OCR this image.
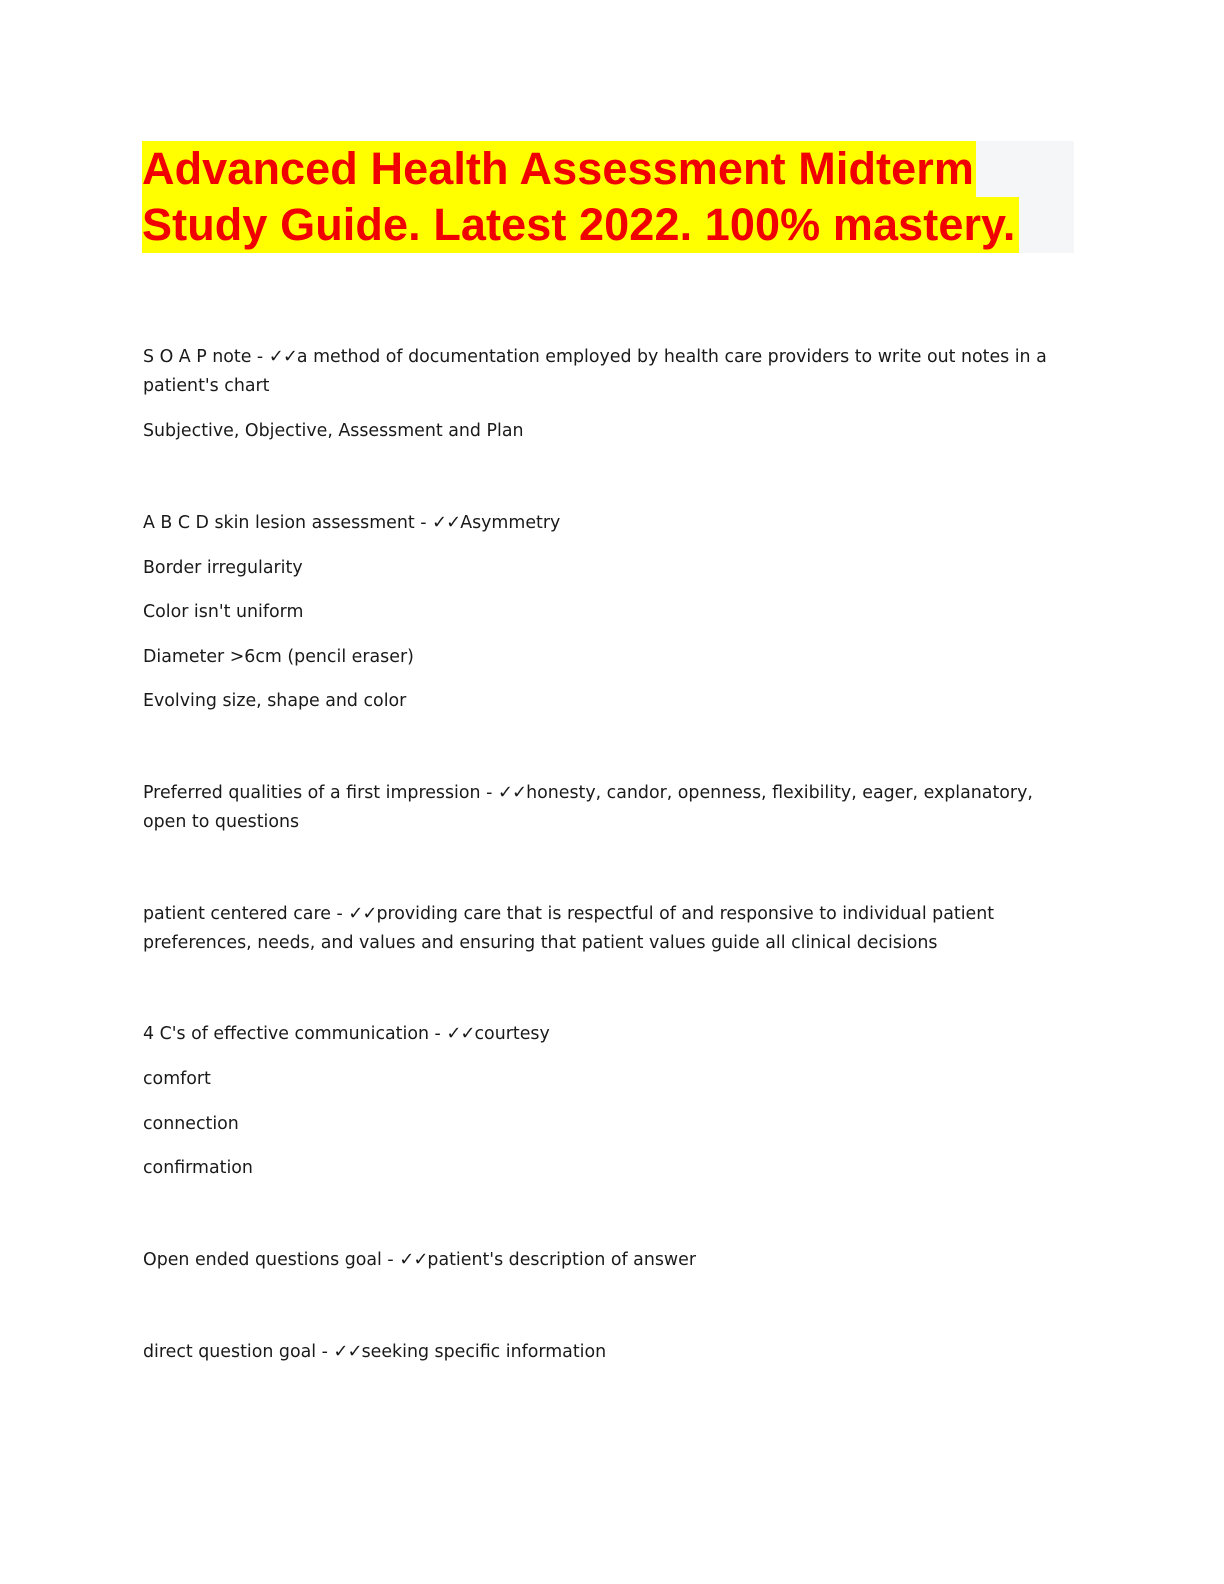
Advanced Health Assessment Midterm
Study Guide. Latest 2022. 100% mastery.
S O A P note - ✓✓a method of documentation employed by health care providers to write out notes in a
patient's chart
Subjective, Objective, Assessment and Plan
A B C D skin lesion assessment - ✓✓Asymmetry
Border irregularity
Color isn't uniform
Diameter >6cm (pencil eraser)
Evolving size, shape and color
Preferred qualities of a first impression - ✓✓honesty, candor, openness, flexibility, eager, explanatory,
open to questions
patient centered care - ✓✓providing care that is respectful of and responsive to individual patient
preferences, needs, and values and ensuring that patient values guide all clinical decisions
4 C's of effective communication - ✓✓courtesy
comfort
connection
confirmation
Open ended questions goal - ✓✓patient's description of answer
direct question goal - ✓✓seeking specific information
